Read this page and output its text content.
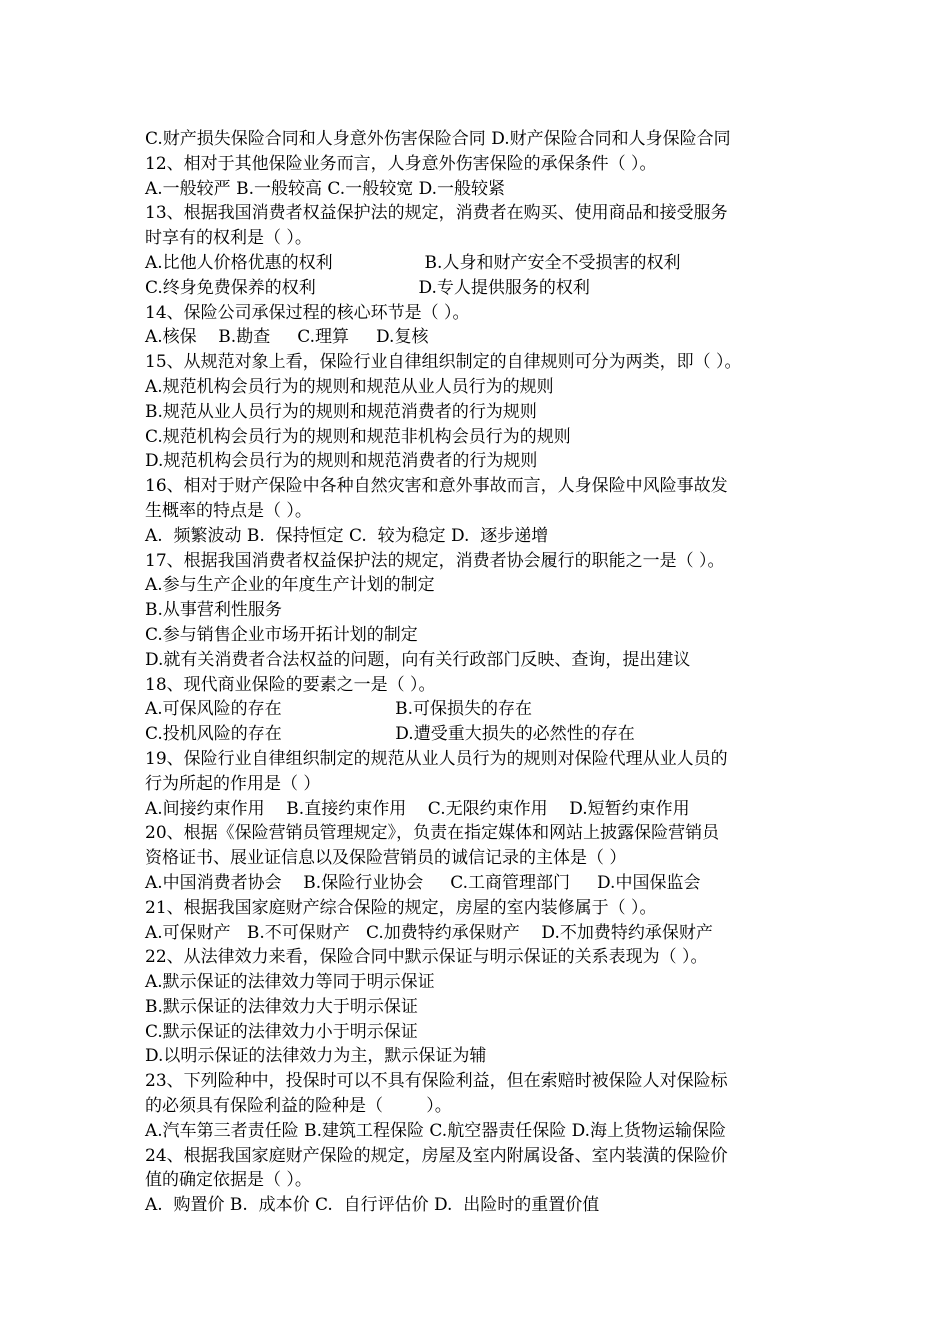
C.财产损失保险合同和人身意外伤害保险合同 D.财产保险合同和人身保险合同
12、相对于其他保险业务而言，人身意外伤害保险的承保条件（ ）。
A.一般较严 B.一般较高 C.一般较宽 D.一般较紧
13、根据我国消费者权益保护法的规定，消费者在购买、使用商品和接受服务
时享有的权利是（ ）。
A.比他人价格优惠的权利                 B.人身和财产安全不受损害的权利
C.终身免费保养的权利                   D.专人提供服务的权利
14、保险公司承保过程的核心环节是（ ）。
A.核保    B.勘查     C.理算     D.复核
15、从规范对象上看，保险行业自律组织制定的自律规则可分为两类，即（ ）。
A.规范机构会员行为的规则和规范从业人员行为的规则
B.规范从业人员行为的规则和规范消费者的行为规则
C.规范机构会员行为的规则和规范非机构会员行为的规则
D.规范机构会员行为的规则和规范消费者的行为规则
16、相对于财产保险中各种自然灾害和意外事故而言，人身保险中风险事故发
生概率的特点是（ ）。
A.  频繁波动 B.  保持恒定 C.  较为稳定 D.  逐步递增
17、根据我国消费者权益保护法的规定，消费者协会履行的职能之一是（ ）。
A.参与生产企业的年度生产计划的制定
B.从事营利性服务
C.参与销售企业市场开拓计划的制定
D.就有关消费者合法权益的问题，向有关行政部门反映、查询，提出建议
18、现代商业保险的要素之一是（ ）。
A.可保风险的存在                     B.可保损失的存在
C.投机风险的存在                     D.遭受重大损失的必然性的存在
19、保险行业自律组织制定的规范从业人员行为的规则对保险代理从业人员的
行为所起的作用是（ ）
A.间接约束作用    B.直接约束作用    C.无限约束作用    D.短暂约束作用
20、根据《保险营销员管理规定》，负责在指定媒体和网站上披露保险营销员
资格证书、展业证信息以及保险营销员的诚信记录的主体是（ ）
A.中国消费者协会    B.保险行业协会     C.工商管理部门     D.中国保监会
21、根据我国家庭财产综合保险的规定，房屋的室内装修属于（ ）。
A.可保财产   B.不可保财产   C.加费特约承保财产    D.不加费特约承保财产
22、从法律效力来看，保险合同中默示保证与明示保证的关系表现为（ ）。
A.默示保证的法律效力等同于明示保证
B.默示保证的法律效力大于明示保证
C.默示保证的法律效力小于明示保证
D.以明示保证的法律效力为主，默示保证为辅
23、下列险种中，投保时可以不具有保险利益，但在索赔时被保险人对保险标
的必须具有保险利益的险种是（        ）。
A.汽车第三者责任险 B.建筑工程保险 C.航空器责任保险 D.海上货物运输保险
24、根据我国家庭财产保险的规定，房屋及室内附属设备、室内装潢的保险价
值的确定依据是（ ）。
A.  购置价 B.  成本价 C.  自行评估价 D.  出险时的重置价值
